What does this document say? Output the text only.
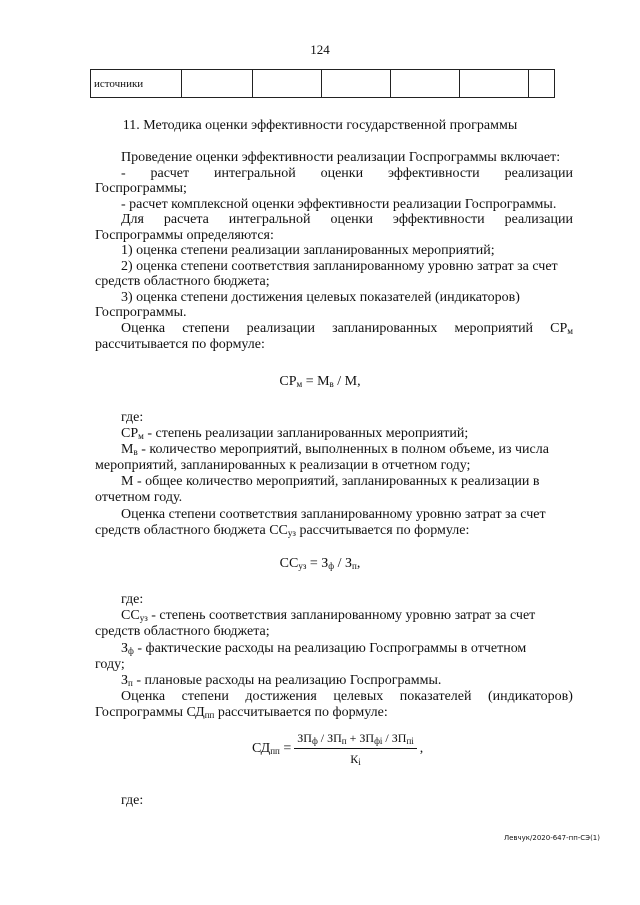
124
источники						
11. Методика оценки эффективности государственной программы
Проведение оценки эффективности реализации Госпрограммы включает:
- расчет интегральной оценки эффективности реализации
Госпрограммы;
- расчет комплексной оценки эффективности реализации Госпрограммы.
Для расчета интегральной оценки эффективности реализации
Госпрограммы определяются:
1) оценка степени реализации запланированных мероприятий;
2) оценка степени соответствия запланированному уровню затрат за счет
средств областного бюджета;
3) оценка степени достижения целевых показателей (индикаторов)
Госпрограммы.
Оценка степени реализации запланированных мероприятий $СР_м$
рассчитывается по формуле:
$СР_м = М_в / М$,
где:
$СР_м$ - степень реализации запланированных мероприятий;
$М_в$ - количество мероприятий, выполненных в полном объеме, из числа
мероприятий, запланированных к реализации в отчетном году;
М - общее количество мероприятий, запланированных к реализации в
отчетном году.
Оценка степени соответствия запланированному уровню затрат за счет
средств областного бюджета $СС_{уз}$ рассчитывается по формуле:
$СС_{уз} = З_ф / З_п$,
где:
$СС_{уз}$ - степень соответствия запланированному уровню затрат за счет
средств областного бюджета;
$З_ф$ - фактические расходы на реализацию Госпрограммы в отчетном
году;
$З_п$ - плановые расходы на реализацию Госпрограммы.
Оценка степени достижения целевых показателей (индикаторов)
Госпрограммы $СД_{пп}$ рассчитывается по формуле:
$СД_{пп} = \frac{ЗП_ф / ЗП_п + ЗП_{фi} / ЗП_{пi}}{К_i}$ ,
где:
Левчук/2020-647-пп-СЭ(1)
